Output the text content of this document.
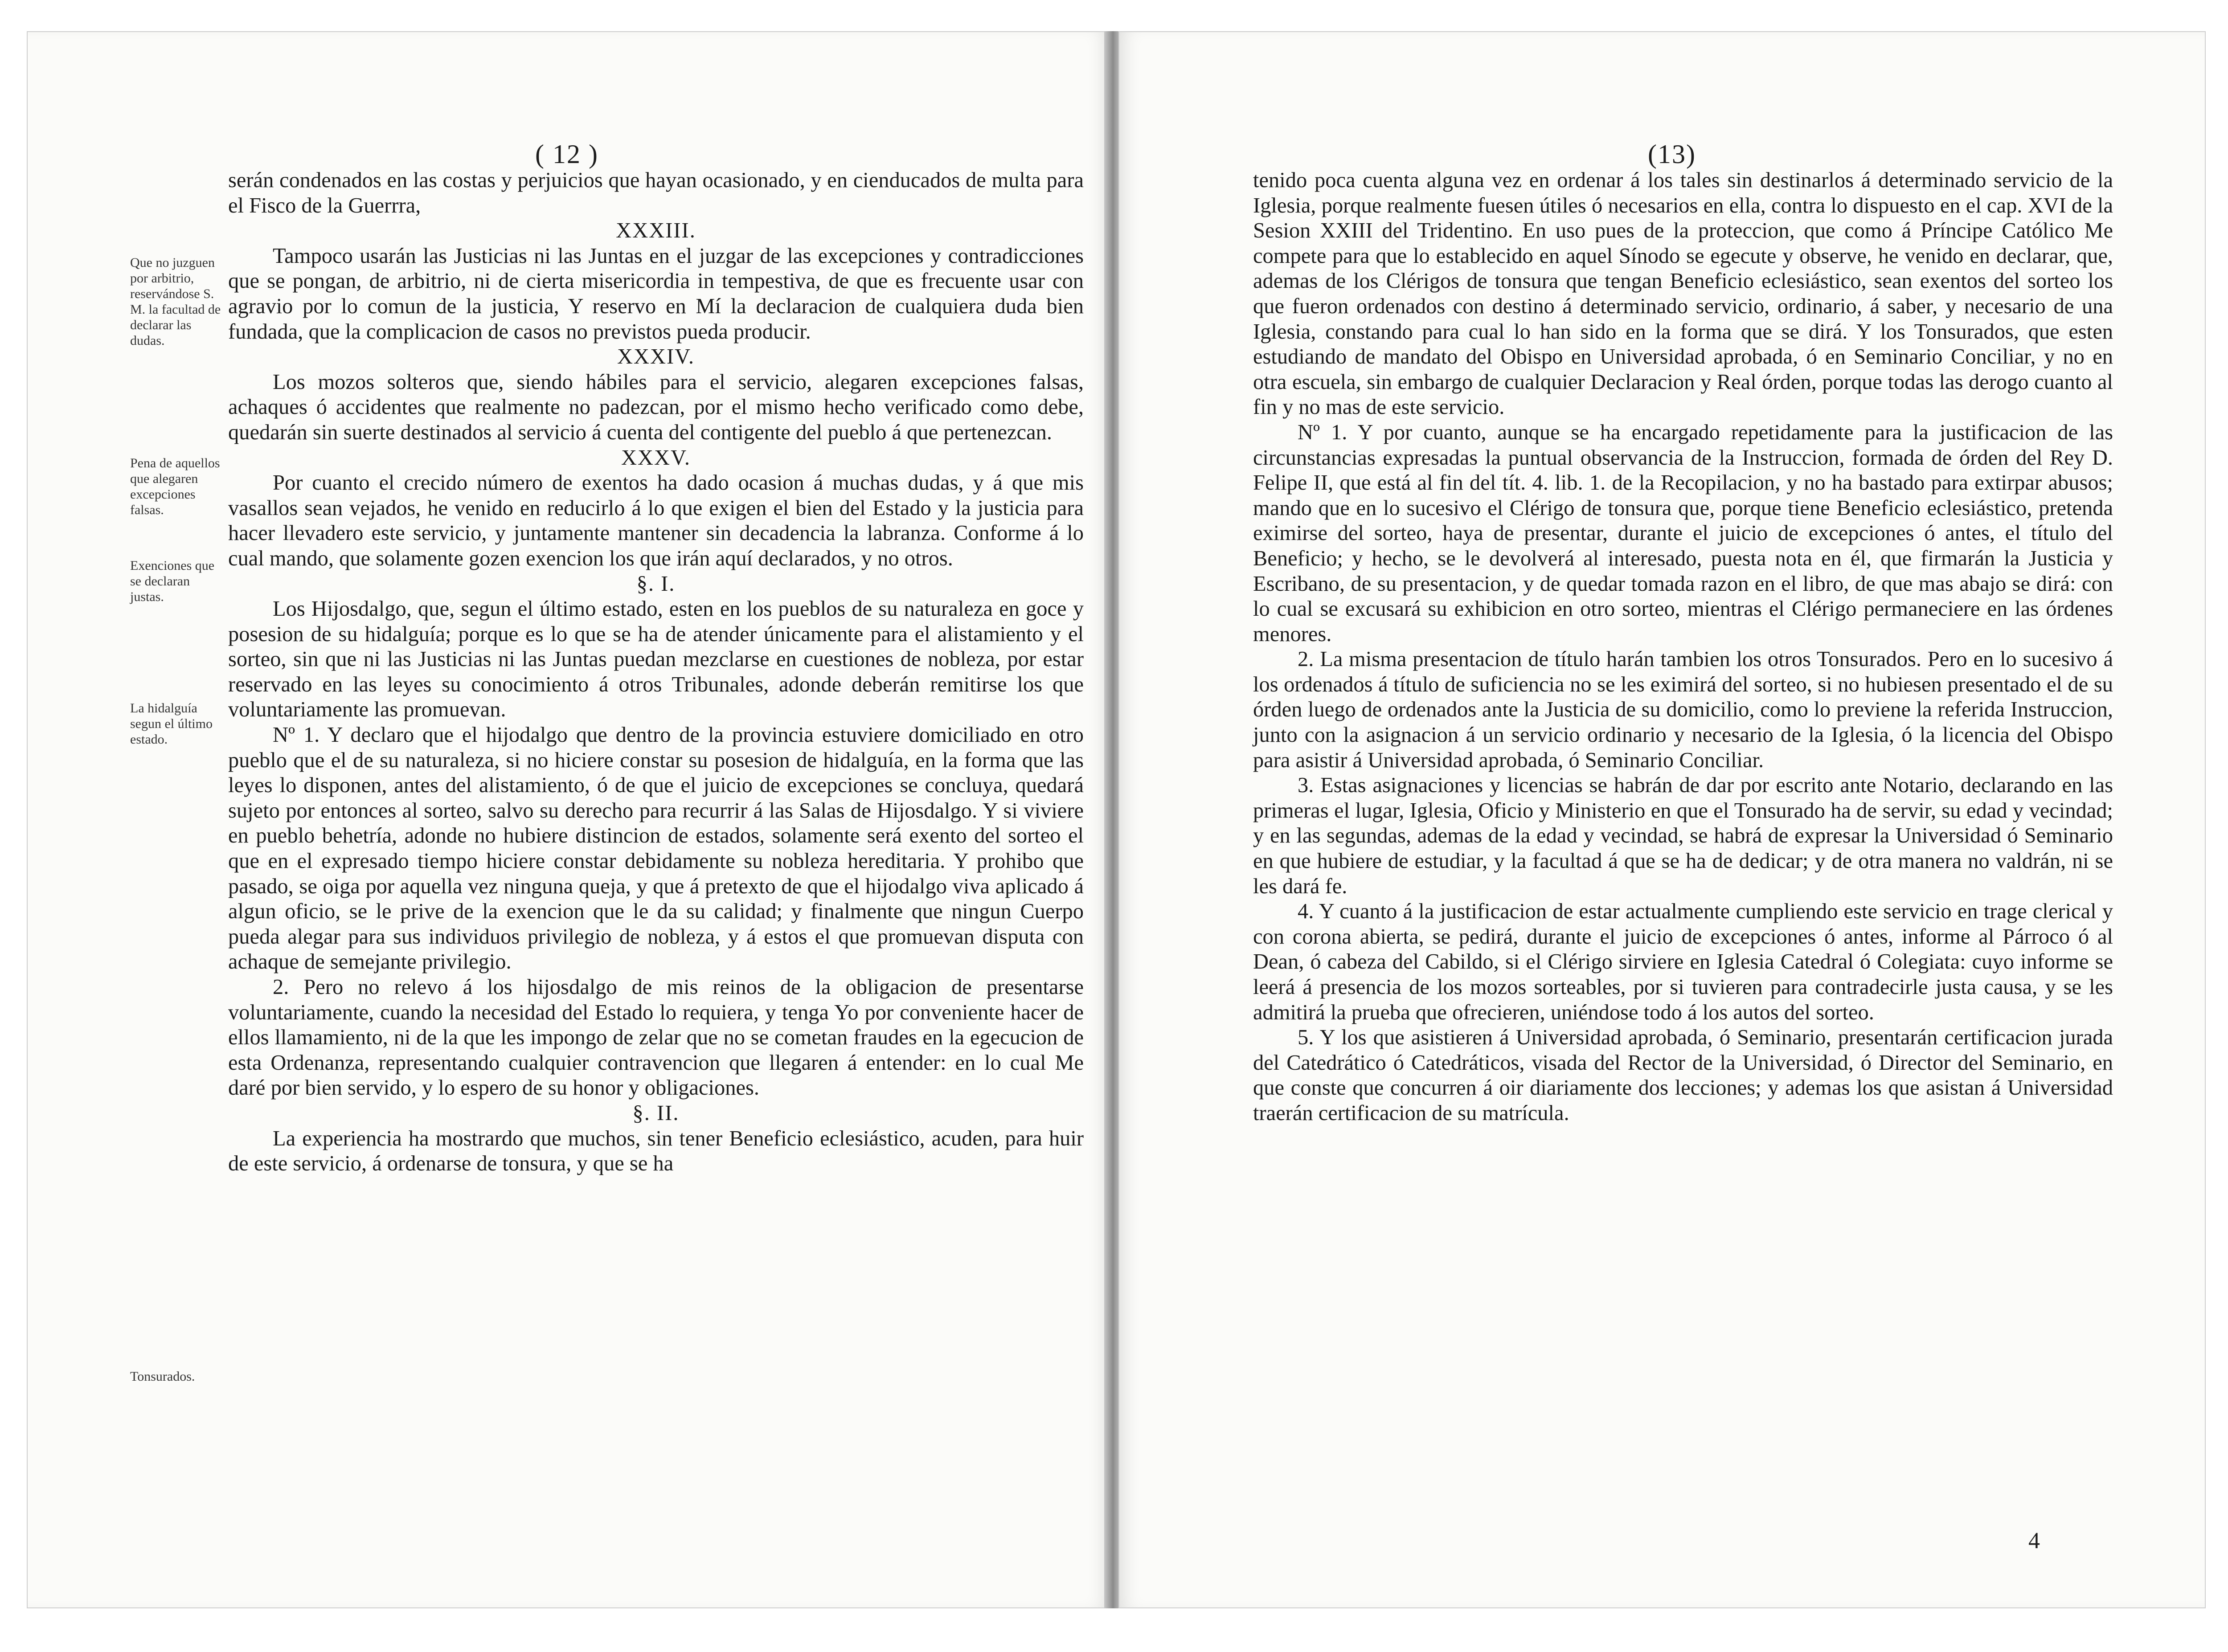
( 12 )
Que no juzguen por arbitrio, reservándose S. M. la facultad de declarar las dudas.
Pena de aquellos que alegaren excepciones falsas.
Exenciones que se declaran justas.
La hidalguía segun el último estado.
Tonsurados.

serán condenados en las costas y perjuicios que hayan ocasionado, y en cienducados de multa para el Fisco de la Guerrra,

XXXIII.

Tampoco usarán las Justicias ni las Juntas en el juzgar de las excepciones y contradicciones que se pongan, de arbitrio, ni de cierta misericordia in tempestiva, de que es frecuente usar con agravio por lo comun de la justicia, Y reservo en Mí la declaracion de cualquiera duda bien fundada, que la complicacion de casos no previstos pueda producir.

XXXIV.

Los mozos solteros que, siendo hábiles para el servicio, alegaren excepciones falsas, achaques ó accidentes que realmente no padezcan, por el mismo hecho verificado como debe, quedarán sin suerte destinados al servicio á cuenta del contigente del pueblo á que pertenezcan.

XXXV.

Por cuanto el crecido número de exentos ha dado ocasion á muchas dudas, y á que mis vasallos sean vejados, he venido en reducirlo á lo que exigen el bien del Estado y la justicia para hacer llevadero este servicio, y juntamente mantener sin decadencia la labranza. Conforme á lo cual mando, que solamente gozen exencion los que irán aquí declarados, y no otros.

§. I.

Los Hijosdalgo, que, segun el último estado, esten en los pueblos de su naturaleza en goce y posesion de su hidalguía; porque es lo que se ha de atender únicamente para el alistamiento y el sorteo, sin que ni las Justicias ni las Juntas puedan mezclarse en cuestiones de nobleza, por estar reservado en las leyes su conocimiento á otros Tribunales, adonde deberán remitirse los que voluntariamente las promuevan.

Nº 1. Y declaro que el hijodalgo que dentro de la provincia estuviere domiciliado en otro pueblo que el de su naturaleza, si no hiciere constar su posesion de hidalguía, en la forma que las leyes lo disponen, antes del alistamiento, ó de que el juicio de excepciones se concluya, quedará sujeto por entonces al sorteo, salvo su derecho para recurrir á las Salas de Hijosdalgo. Y si viviere en pueblo behetría, adonde no hubiere distincion de estados, solamente será exento del sorteo el que en el expresado tiempo hiciere constar debidamente su nobleza hereditaria. Y prohibo que pasado, se oiga por aquella vez ninguna queja, y que á pretexto de que el hijodalgo viva aplicado á algun oficio, se le prive de la exencion que le da su calidad; y finalmente que ningun Cuerpo pueda alegar para sus individuos privilegio de nobleza, y á estos el que promuevan disputa con achaque de semejante privilegio.

2. Pero no relevo á los hijosdalgo de mis reinos de la obligacion de presentarse voluntariamente, cuando la necesidad del Estado lo requiera, y tenga Yo por conveniente hacer de ellos llamamiento, ni de la que les impongo de zelar que no se cometan fraudes en la egecucion de esta Ordenanza, representando cualquier contravencion que llegaren á entender: en lo cual Me daré por bien servido, y lo espero de su honor y obligaciones.

§. II.

La experiencia ha mostrardo que muchos, sin tener Beneficio eclesiástico, acuden, para huir de este servicio, á ordenarse de tonsura, y que se ha

(13)

tenido poca cuenta alguna vez en ordenar á los tales sin destinarlos á determinado servicio de la Iglesia, porque realmente fuesen útiles ó necesarios en ella, contra lo dispuesto en el cap. XVI de la Sesion XXIII del Tridentino. En uso pues de la proteccion, que como á Príncipe Católico Me compete para que lo establecido en aquel Sínodo se egecute y observe, he venido en declarar, que, ademas de los Clérigos de tonsura que tengan Beneficio eclesiástico, sean exentos del sorteo los que fueron ordenados con destino á determinado servicio, ordinario, á saber, y necesario de una Iglesia, constando para cual lo han sido en la forma que se dirá. Y los Tonsurados, que esten estudiando de mandato del Obispo en Universidad aprobada, ó en Seminario Conciliar, y no en otra escuela, sin embargo de cualquier Declaracion y Real órden, porque todas las derogo cuanto al fin y no mas de este servicio.

Nº 1. Y por cuanto, aunque se ha encargado repetidamente para la justificacion de las circunstancias expresadas la puntual observancia de la Instruccion, formada de órden del Rey D. Felipe II, que está al fin del tít. 4. lib. 1. de la Recopilacion, y no ha bastado para extirpar abusos; mando que en lo sucesivo el Clérigo de tonsura que, porque tiene Beneficio eclesiástico, pretenda eximirse del sorteo, haya de presentar, durante el juicio de excepciones ó antes, el título del Beneficio; y hecho, se le devolverá al interesado, puesta nota en él, que firmarán la Justicia y Escribano, de su presentacion, y de quedar tomada razon en el libro, de que mas abajo se dirá: con lo cual se excusará su exhibicion en otro sorteo, mientras el Clérigo permaneciere en las órdenes menores.

2. La misma presentacion de título harán tambien los otros Tonsurados. Pero en lo sucesivo á los ordenados á título de suficiencia no se les eximirá del sorteo, si no hubiesen presentado el de su órden luego de ordenados ante la Justicia de su domicilio, como lo previene la referida Instruccion, junto con la asignacion á un servicio ordinario y necesario de la Iglesia, ó la licencia del Obispo para asistir á Universidad aprobada, ó Seminario Conciliar.

3. Estas asignaciones y licencias se habrán de dar por escrito ante Notario, declarando en las primeras el lugar, Iglesia, Oficio y Ministerio en que el Tonsurado ha de servir, su edad y vecindad; y en las segundas, ademas de la edad y vecindad, se habrá de expresar la Universidad ó Seminario en que hubiere de estudiar, y la facultad á que se ha de dedicar; y de otra manera no valdrán, ni se les dará fe.

4. Y cuanto á la justificacion de estar actualmente cumpliendo este servicio en trage clerical y con corona abierta, se pedirá, durante el juicio de excepciones ó antes, informe al Párroco ó al Dean, ó cabeza del Cabildo, si el Clérigo sirviere en Iglesia Catedral ó Colegiata: cuyo informe se leerá á presencia de los mozos sorteables, por si tuvieren para contradecirle justa causa, y se les admitirá la prueba que ofrecieren, uniéndose todo á los autos del sorteo.

5. Y los que asistieren á Universidad aprobada, ó Seminario, presentarán certificacion jurada del Catedrático ó Catedráticos, visada del Rector de la Universidad, ó Director del Seminario, en que conste que concurren á oir diariamente dos lecciones; y ademas los que asistan á Universidad traerán certificacion de su matrícula.

4
